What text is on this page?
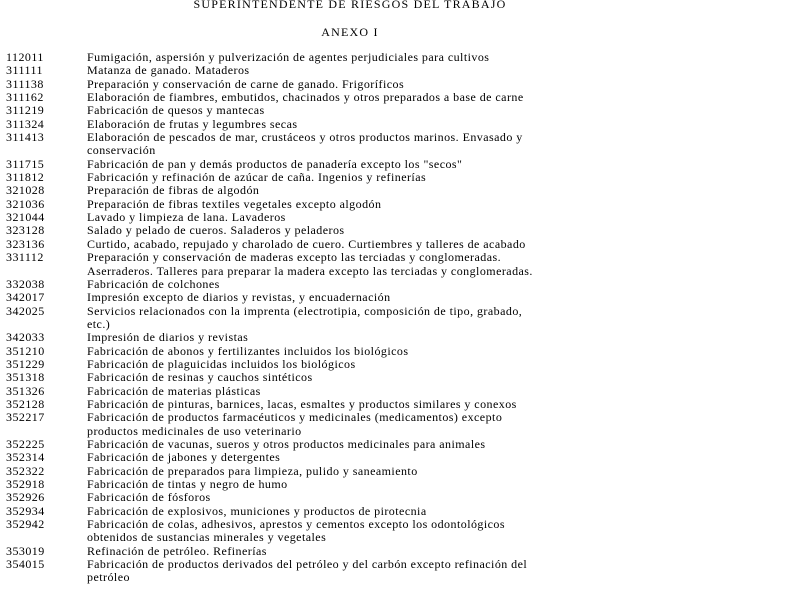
SUPERINTENDENTE DE RIESGOS DEL TRABAJO
ANEXO I
112011	Fumigación, aspersión y pulverización de agentes perjudiciales para cultivos
311111	Matanza de ganado. Mataderos
311138	Preparación y conservación de carne de ganado. Frigoríficos
311162	Elaboración de fiambres, embutidos, chacinados y otros preparados a base de carne
311219	Fabricación de quesos y mantecas
311324	Elaboración de frutas y legumbres secas
311413	Elaboración de pescados de mar, crustáceos y otros productos marinos. Envasado y
conservación
311715	Fabricación de pan y demás productos de panadería excepto los "secos"
311812	Fabricación y refinación de azúcar de caña. Ingenios y refinerías
321028	Preparación de fibras de algodón
321036	Preparación de fibras textiles vegetales excepto algodón
321044	Lavado y limpieza de lana. Lavaderos
323128	Salado y pelado de cueros. Saladeros y peladeros
323136	Curtido, acabado, repujado y charolado de cuero. Curtiembres y talleres de acabado
331112	Preparación y conservación de maderas excepto las terciadas y conglomeradas.
Aserraderos. Talleres para preparar la madera excepto las terciadas y conglomeradas.
332038	Fabricación de colchones
342017	Impresión excepto de diarios y revistas, y encuadernación
342025	Servicios relacionados con la imprenta (electrotipia, composición de tipo, grabado,
etc.)
342033	Impresión de diarios y revistas
351210	Fabricación de abonos y fertilizantes incluidos los biológicos
351229	Fabricación de plaguicidas incluidos los biológicos
351318	Fabricación de resinas y cauchos sintéticos
351326	Fabricación de materias plásticas
352128	Fabricación de pinturas, barnices, lacas, esmaltes y productos similares y conexos
352217	Fabricación de productos farmacéuticos y medicinales (medicamentos) excepto
productos medicinales de uso veterinario
352225	Fabricación de vacunas, sueros y otros productos medicinales para animales
352314	Fabricación de jabones y detergentes
352322	Fabricación de preparados para limpieza, pulido y saneamiento
352918	Fabricación de tintas y negro de humo
352926	Fabricación de fósforos
352934	Fabricación de explosivos, municiones y productos de pirotecnia
352942	Fabricación de colas, adhesivos, aprestos y cementos excepto los odontológicos
obtenidos de sustancias minerales y vegetales
353019	Refinación de petróleo. Refinerías
354015	Fabricación de productos derivados del petróleo y del carbón excepto refinación del
petróleo
